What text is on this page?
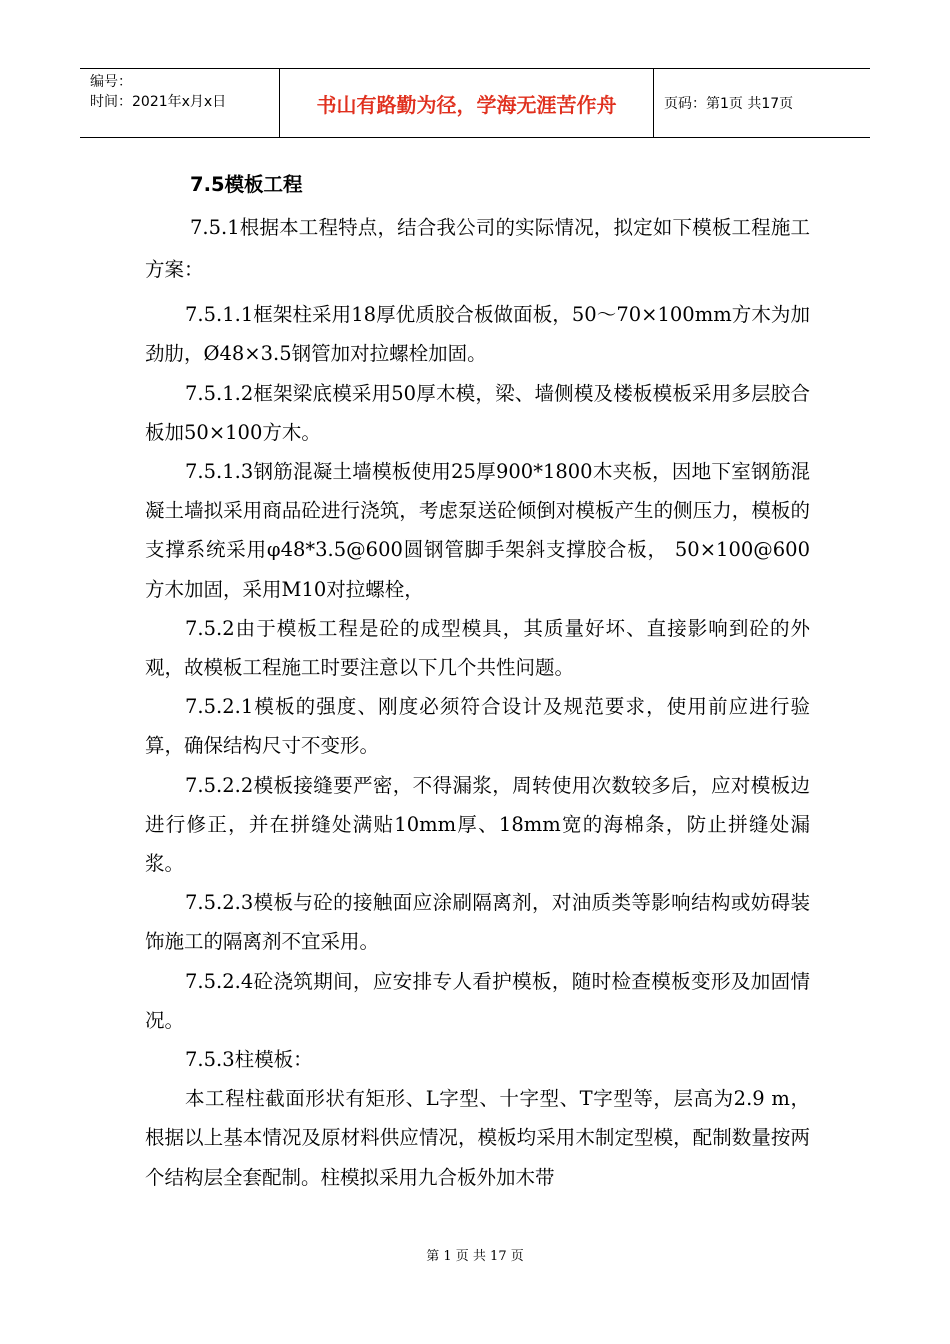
编号：
时间：2021年x月x日	书山有路勤为径，学海无涯苦作舟	页码：第1页 共17页
7.5模板工程
7.5.1根据本工程特点，结合我公司的实际情况，拟定如下模板工程施工方案：
7.5.1.1框架柱采用18厚优质胶合板做面板，50～70×100mm方木为加劲肋，Ø48×3.5钢管加对拉螺栓加固。
7.5.1.2框架梁底模采用50厚木模，梁、墙侧模及楼板模板采用多层胶合板加50×100方木。
7.5.1.3钢筋混凝土墙模板使用25厚900*1800木夹板，因地下室钢筋混凝土墙拟采用商品砼进行浇筑，考虑泵送砼倾倒对模板产生的侧压力，模板的支撑系统采用φ48*3.5@600圆钢管脚手架斜支撑胶合板， 50×100@600方木加固，采用M10对拉螺栓，
7.5.2由于模板工程是砼的成型模具，其质量好坏、直接影响到砼的外观，故模板工程施工时要注意以下几个共性问题。
7.5.2.1模板的强度、刚度必须符合设计及规范要求，使用前应进行验算，确保结构尺寸不变形。
7.5.2.2模板接缝要严密，不得漏浆，周转使用次数较多后，应对模板边进行修正，并在拼缝处满贴10mm厚、18mm宽的海棉条，防止拼缝处漏浆。
7.5.2.3模板与砼的接触面应涂刷隔离剂，对油质类等影响结构或妨碍装饰施工的隔离剂不宜采用。
7.5.2.4砼浇筑期间，应安排专人看护模板，随时检查模板变形及加固情况。
7.5.3柱模板：
本工程柱截面形状有矩形、L字型、十字型、T字型等，层高为2.9 m，根据以上基本情况及原材料供应情况，模板均采用木制定型模，配制数量按两个结构层全套配制。柱模拟采用九合板外加木带
第 1 页 共 17 页
